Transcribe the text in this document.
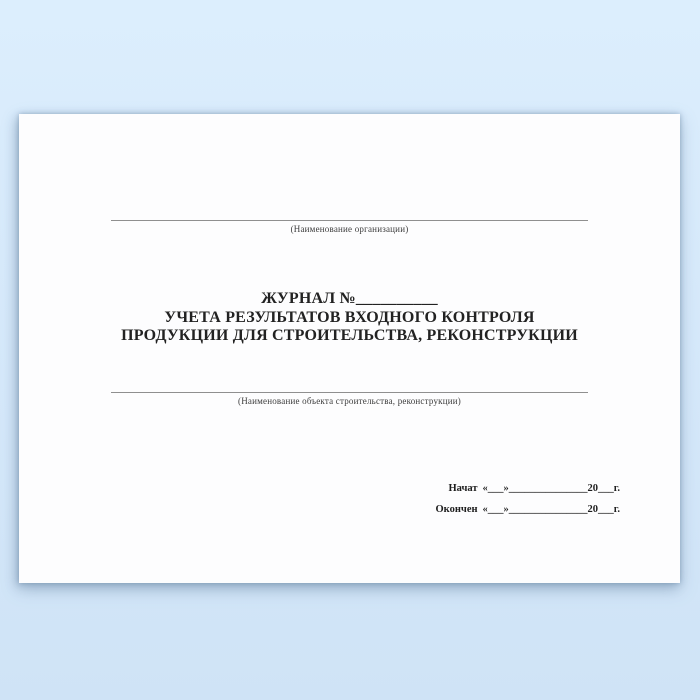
(Наименование организации)
ЖУРНАЛ №__________
УЧЕТА РЕЗУЛЬТАТОВ ВХОДНОГО КОНТРОЛЯ
ПРОДУКЦИИ ДЛЯ СТРОИТЕЛЬСТВА, РЕКОНСТРУКЦИИ
(Наименование объекта строительства, реконструкции)
Начат «___»_______________20___г.
Окончен «___»_______________20___г.
